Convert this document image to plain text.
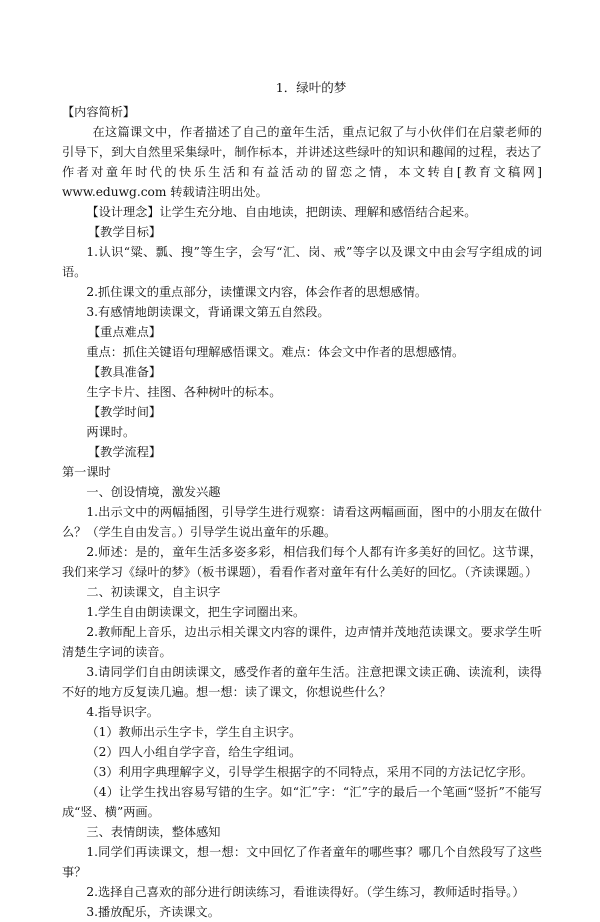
1．绿叶的梦
【内容简析】

在这篇课文中，作者描述了自己的童年生活，重点记叙了与小伙伴们在启蒙老师的引导下，到大自然里采集绿叶，制作标本，并讲述这些绿叶的知识和趣闻的过程，表达了作者对童年时代的快乐生活和有益活动的留恋之情，本文转自[教育文稿网] www.eduwg.com 转载请注明出处。

【设计理念】让学生充分地、自由地读，把朗读、理解和感悟结合起来。

【教学目标】

1.认识“粱、瓢、搜”等生字，会写“汇、岗、戒”等字以及课文中由会写字组成的词语。

2.抓住课文的重点部分，读懂课文内容，体会作者的思想感情。

3.有感情地朗读课文，背诵课文第五自然段。

【重点难点】

重点：抓住关键语句理解感悟课文。难点：体会文中作者的思想感情。

【教具准备】

生字卡片、挂图、各种树叶的标本。

【教学时间】

两课时。

【教学流程】
第一课时

一、创设情境，激发兴趣

1.出示文中的两幅插图，引导学生进行观察：请看这两幅画面，图中的小朋友在做什么？（学生自由发言。）引导学生说出童年的乐趣。

2.师述：是的，童年生活多姿多彩，相信我们每个人都有许多美好的回忆。这节课，我们来学习《绿叶的梦》（板书课题），看看作者对童年有什么美好的回忆。（齐读课题。）

二、初读课文，自主识字

1.学生自由朗读课文，把生字词圈出来。

2.教师配上音乐，边出示相关课文内容的课件，边声情并茂地范读课文。要求学生听清楚生字词的读音。

3.请同学们自由朗读课文，感受作者的童年生活。注意把课文读正确、读流利，读得不好的地方反复读几遍。想一想：读了课文，你想说些什么？

4.指导识字。

（1）教师出示生字卡，学生自主识字。

（2）四人小组自学字音，给生字组词。

（3）利用字典理解字义，引导学生根据字的不同特点，采用不同的方法记忆字形。

（4）让学生找出容易写错的生字。如“汇”字：“汇”字的最后一个笔画“竖折”不能写成“竖、横”两画。

三、表情朗读，整体感知

1.同学们再读课文，想一想：文中回忆了作者童年的哪些事？哪几个自然段写了这些事？

2.选择自己喜欢的部分进行朗读练习，看谁读得好。（学生练习，教师适时指导。）

3.播放配乐，齐读课文。
